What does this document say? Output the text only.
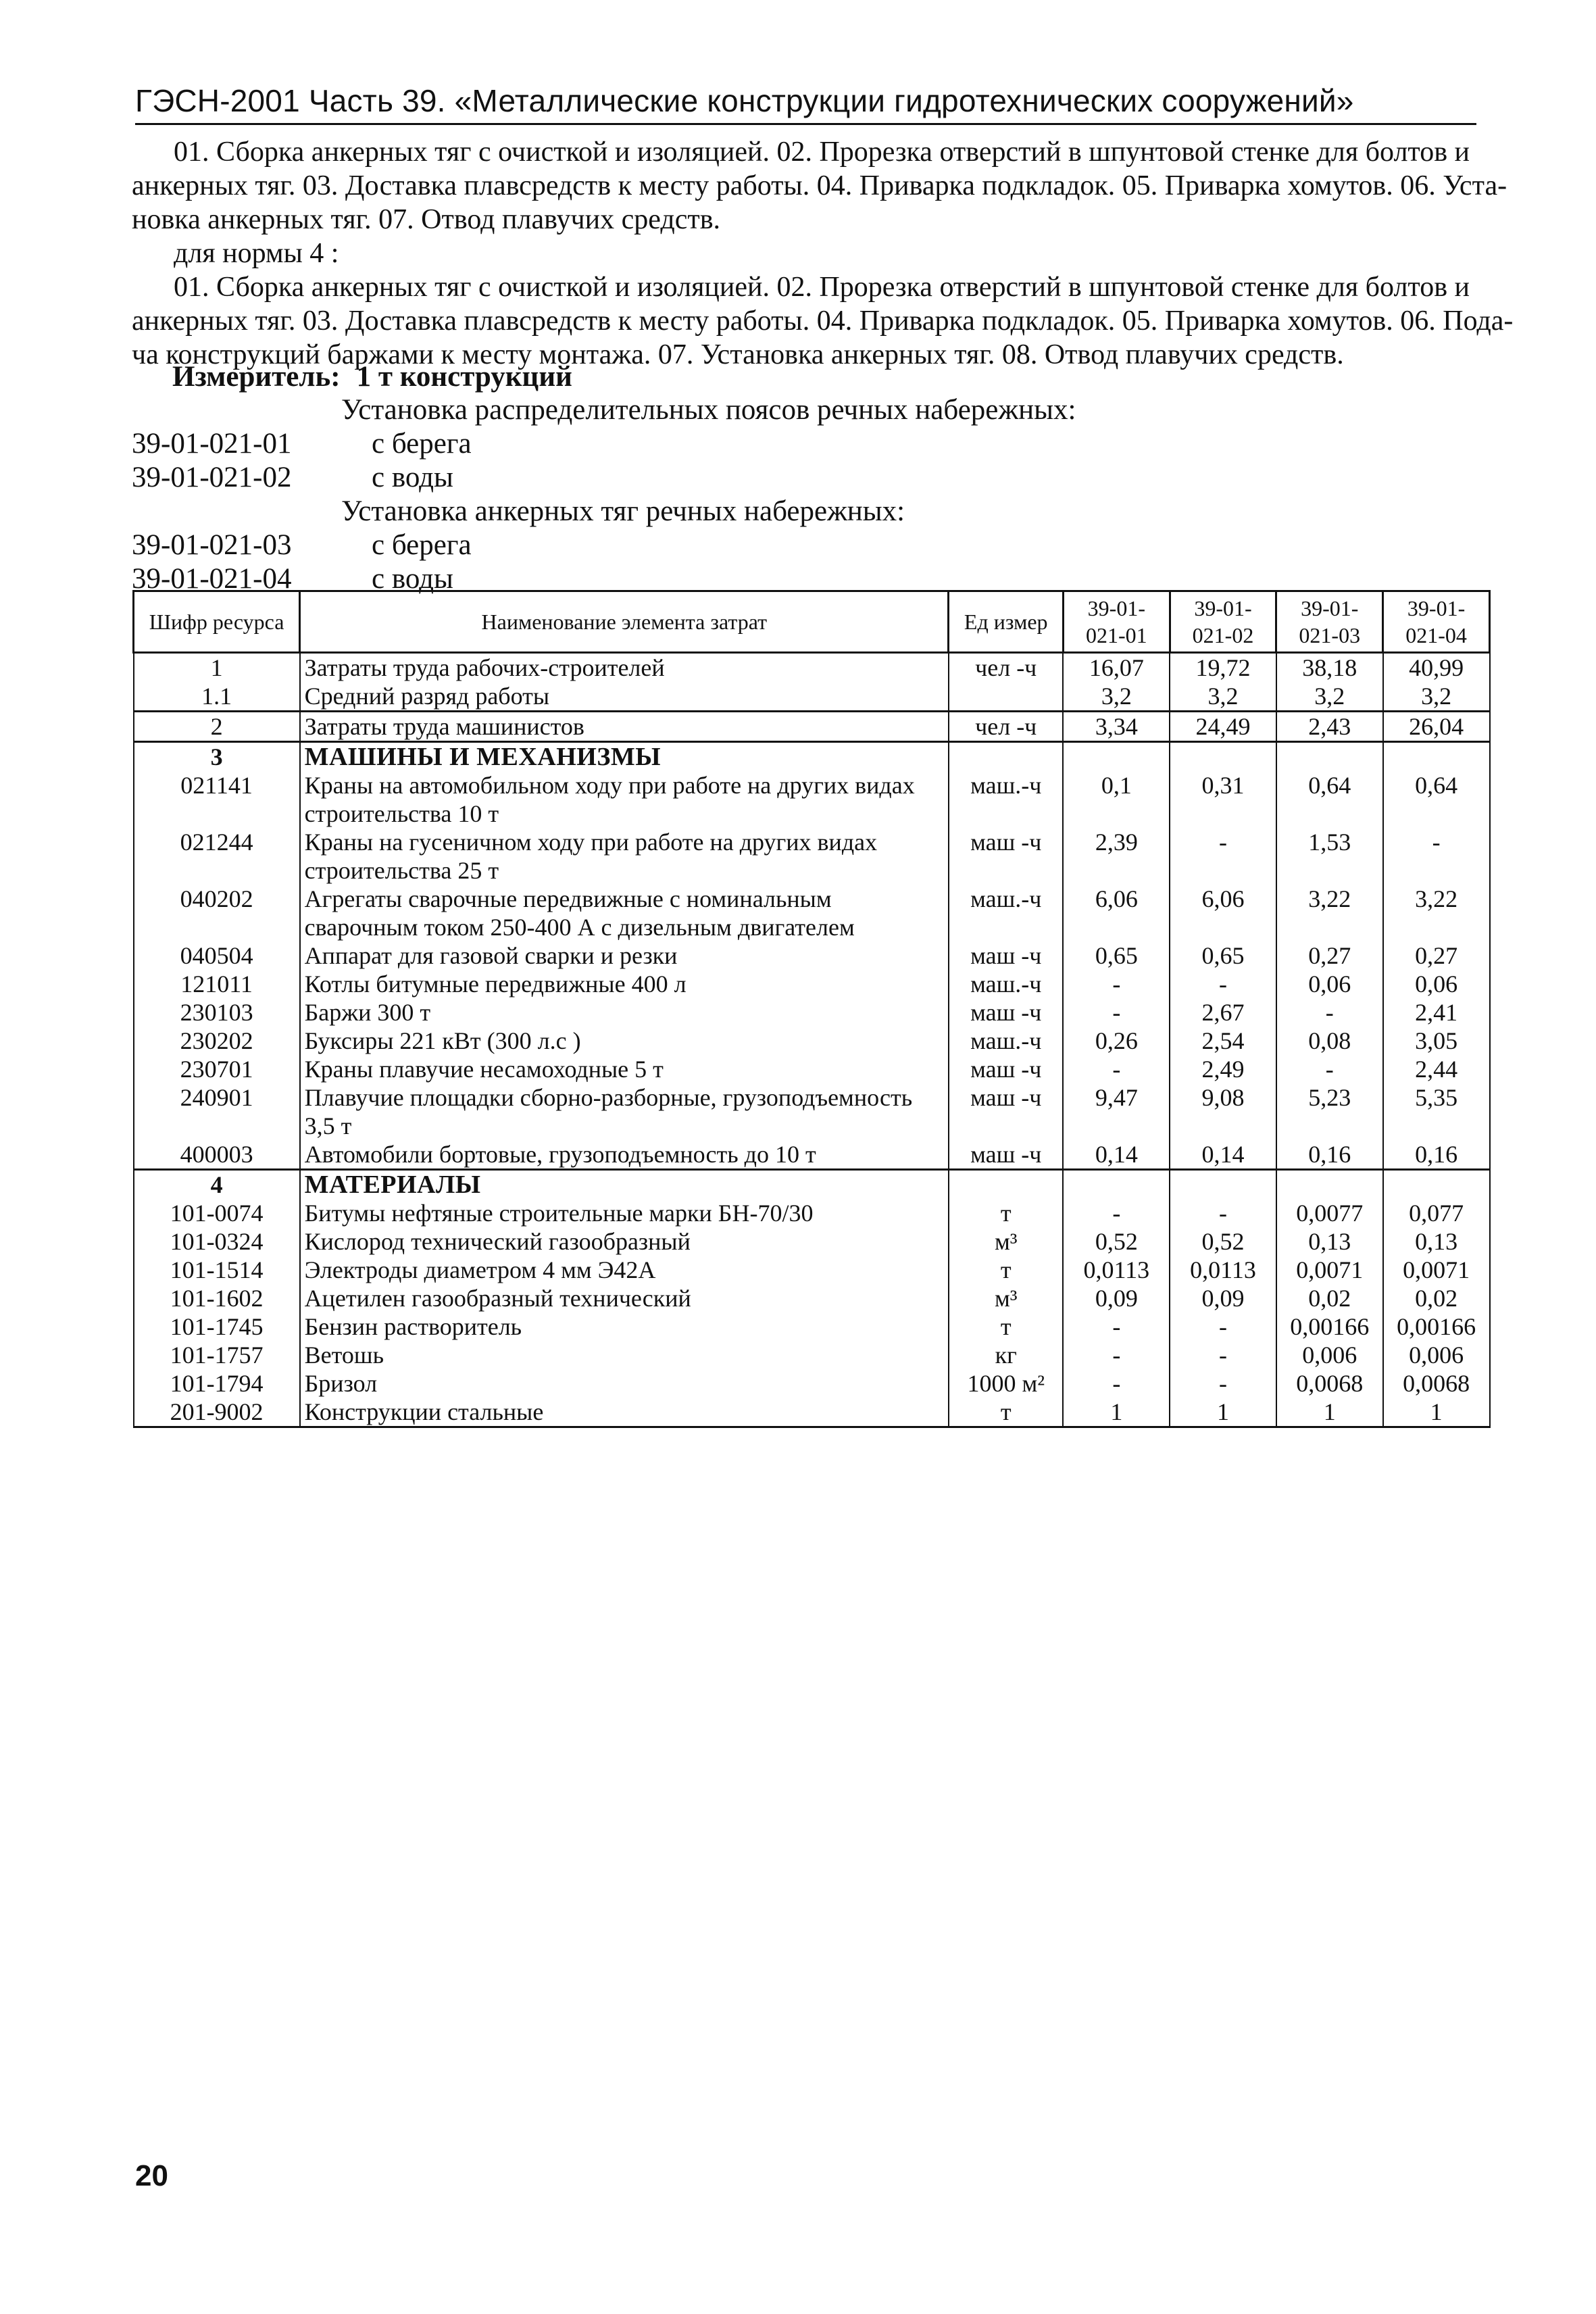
ГЭСН-2001 Часть 39. «Металлические конструкции гидротехнических сооружений»
01. Сборка анкерных тяг с очисткой и изоляцией. 02. Прорезка отверстий в шпунтовой стенке для болтов и
анкерных тяг. 03. Доставка плавсредств к месту работы. 04. Приварка подкладок. 05. Приварка хомутов. 06. Уста-
новка анкерных тяг. 07. Отвод плавучих средств.
для нормы 4 :
01. Сборка анкерных тяг с очисткой и изоляцией. 02. Прорезка отверстий в шпунтовой стенке для болтов и
анкерных тяг. 03. Доставка плавсредств к месту работы. 04. Приварка подкладок. 05. Приварка хомутов. 06. Пода-
ча конструкций баржами к месту монтажа. 07. Установка анкерных тяг. 08. Отвод плавучих средств.
Измеритель: 1 т конструкций
Установка распределительных поясов речных набережных:
39-01-021-01	с берега
39-01-021-02	с воды
Установка анкерных тяг речных набережных:
39-01-021-03	с берега
39-01-021-04	с воды
Шифр ресурса	Наименование элемента затрат	Ед измер	39-01-021-01	39-01-021-02	39-01-021-03	39-01-021-04
1	Затраты труда рабочих-строителей	чел -ч	16,07	19,72	38,18	40,99
1.1	Средний разряд работы		3,2	3,2	3,2	3,2
2	Затраты труда машинистов	чел -ч	3,34	24,49	2,43	26,04
3	МАШИНЫ И МЕХАНИЗМЫ					
021141	Краны на автомобильном ходу при работе на других видах строительства 10 т	маш.-ч	0,1	0,31	0,64	0,64
021244	Краны на гусеничном ходу при работе на других видах строительства 25 т	маш -ч	2,39	-	1,53	-
040202	Агрегаты сварочные передвижные с номинальным сварочным током 250-400 А с дизельным двигателем	маш.-ч	6,06	6,06	3,22	3,22
040504	Аппарат для газовой сварки и резки	маш -ч	0,65	0,65	0,27	0,27
121011	Котлы битумные передвижные 400 л	маш.-ч	-	-	0,06	0,06
230103	Баржи 300 т	маш -ч	-	2,67	-	2,41
230202	Буксиры 221 кВт (300 л.с )	маш.-ч	0,26	2,54	0,08	3,05
230701	Краны плавучие несамоходные 5 т	маш -ч	-	2,49	-	2,44
240901	Плавучие площадки сборно-разборные, грузоподъемность 3,5 т	маш -ч	9,47	9,08	5,23	5,35
400003	Автомобили бортовые, грузоподъемность до 10 т	маш -ч	0,14	0,14	0,16	0,16
4	МАТЕРИАЛЫ					
101-0074	Битумы нефтяные строительные марки БН-70/30	т	-	-	0,0077	0,077
101-0324	Кислород технический газообразный	м³	0,52	0,52	0,13	0,13
101-1514	Электроды диаметром 4 мм Э42А	т	0,0113	0,0113	0,0071	0,0071
101-1602	Ацетилен газообразный технический	м³	0,09	0,09	0,02	0,02
101-1745	Бензин растворитель	т	-	-	0,00166	0,00166
101-1757	Ветошь	кг	-	-	0,006	0,006
101-1794	Бризол	1000 м²	-	-	0,0068	0,0068
201-9002	Конструкции стальные	т	1	1	1	1
20
